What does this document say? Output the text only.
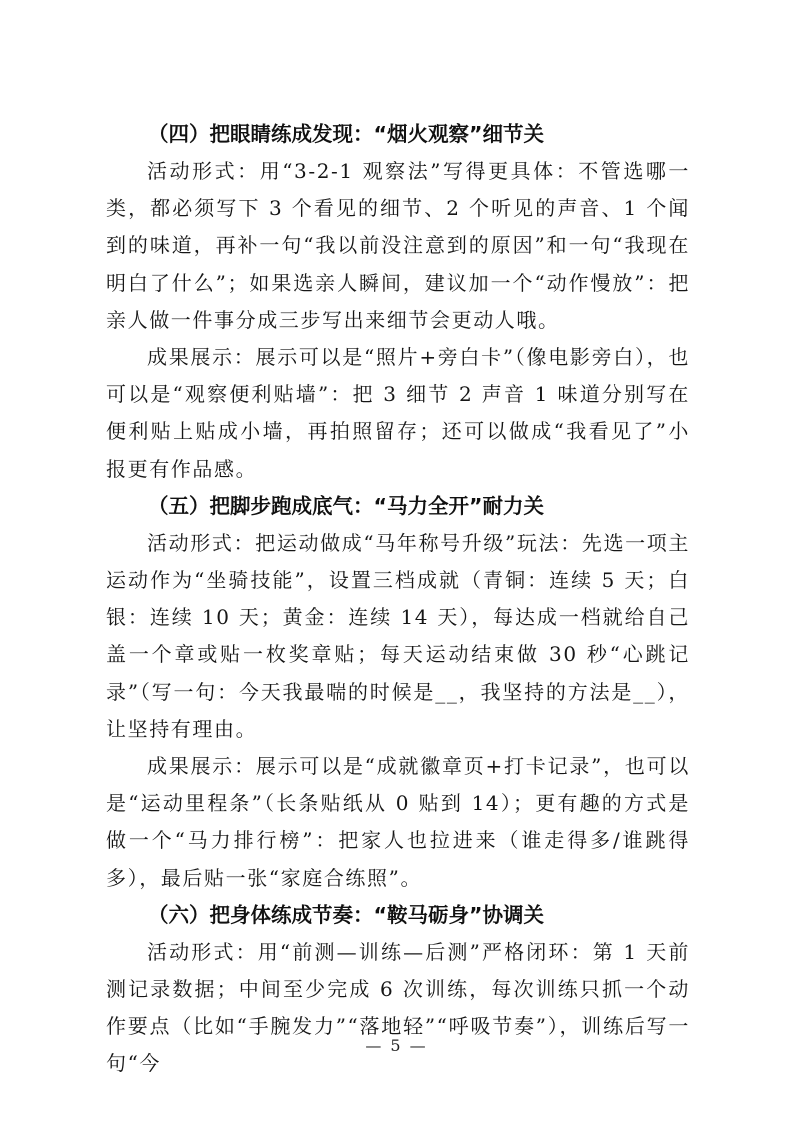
（四）把眼睛练成发现：“烟火观察”细节关

活动形式：用“3-2-1 观察法”写得更具体：不管选哪一类，都必须写下 3 个看见的细节、2 个听见的声音、1 个闻到的味道，再补一句“我以前没注意到的原因”和一句“我现在明白了什么”；如果选亲人瞬间，建议加一个“动作慢放”：把亲人做一件事分成三步写出来细节会更动人哦。

成果展示：展示可以是“照片+旁白卡”（像电影旁白），也可以是“观察便利贴墙”：把 3 细节 2 声音 1 味道分别写在便利贴上贴成小墙，再拍照留存；还可以做成“我看见了”小报更有作品感。

（五）把脚步跑成底气：“马力全开”耐力关

活动形式：把运动做成“马年称号升级”玩法：先选一项主运动作为“坐骑技能”，设置三档成就（青铜：连续 5 天；白银：连续 10 天；黄金：连续 14 天），每达成一档就给自己盖一个章或贴一枚奖章贴；每天运动结束做 30 秒“心跳记录”（写一句：今天我最喘的时候是__，我坚持的方法是__），让坚持有理由。

成果展示：展示可以是“成就徽章页+打卡记录”，也可以是“运动里程条”（长条贴纸从 0 贴到 14）；更有趣的方式是做一个“马力排行榜”：把家人也拉进来（谁走得多/谁跳得多），最后贴一张“家庭合练照”。

（六）把身体练成节奏：“鞍马砺身”协调关

活动形式：用“前测—训练—后测”严格闭环：第 1 天前测记录数据；中间至少完成 6 次训练，每次训练只抓一个动作要点（比如“手腕发力”“落地轻”“呼吸节奏”），训练后写一句“今

— 5 —
